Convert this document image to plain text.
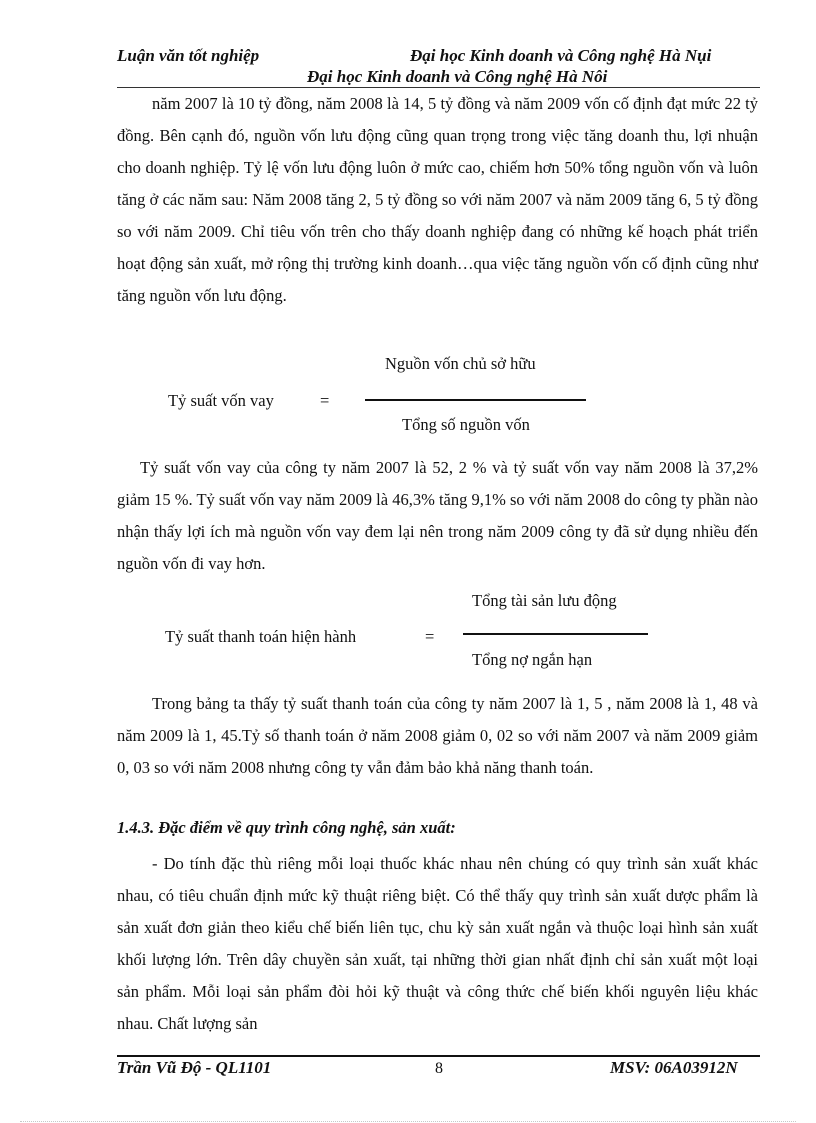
Luận văn tốt nghiệp	Đại học Kinh doanh và Công nghệ Hà Nụi
Đại học Kinh doanh và Công nghệ Hà Nôi
năm 2007 là 10 tỷ đồng, năm 2008 là 14, 5 tỷ đồng và năm 2009 vốn cố định đạt mức 22 tỷ đồng. Bên cạnh đó, nguồn vốn lưu động cũng quan trọng trong việc tăng doanh thu, lợi nhuận cho doanh nghiệp. Tỷ lệ vốn lưu động luôn ở mức cao, chiếm hơn 50% tổng nguồn vốn và luôn tăng ở các năm sau: Năm 2008 tăng 2, 5 tỷ đồng so với năm 2007 và năm 2009 tăng 6, 5 tỷ đồng so với năm 2009. Chỉ tiêu vốn trên cho thấy doanh nghiệp đang có những kế hoạch phát triển hoạt động sản xuất, mở rộng thị trường kinh doanh…qua việc tăng nguồn vốn cố định cũng như tăng nguồn vốn lưu động.
Nguồn vốn chủ sở hữu
Tỷ suất vốn vay	=
Tổng số nguồn vốn
Tỷ suất vốn vay của công ty năm 2007 là 52, 2 % và tỷ suất vốn vay năm 2008 là 37,2% giảm 15 %. Tỷ suất vốn vay năm 2009 là 46,3% tăng 9,1% so với năm 2008 do công ty phần nào nhận thấy lợi ích mà nguồn vốn vay đem lại nên trong năm 2009 công ty đã sử dụng nhiều đến nguồn vốn đi vay hơn.
Tổng tài sản lưu động
Tỷ suất thanh toán hiện hành	=
Tổng nợ ngắn hạn
Trong bảng ta thấy tỷ suất thanh toán của công ty năm 2007 là 1, 5 , năm 2008 là 1, 48 và năm 2009 là 1, 45.Tỷ số thanh toán ở năm 2008 giảm 0, 02 so với năm 2007 và năm 2009 giảm 0, 03 so với năm 2008 nhưng công ty vẫn đảm bảo khả năng thanh toán.
1.4.3. Đặc điểm về quy trình công nghệ, sản xuất:
- Do tính đặc thù riêng mỗi loại thuốc khác nhau nên chúng có quy trình sản xuất khác nhau, có tiêu chuẩn định mức kỹ thuật riêng biệt. Có thể thấy quy trình sản xuất dược phẩm là sản xuất đơn giản theo kiểu chế biến liên tục, chu kỳ sản xuất ngắn và thuộc loại hình sản xuất khối lượng lớn. Trên dây chuyền sản xuất, tại những thời gian nhất định chỉ sản xuất một loại sản phẩm. Mỗi loại sản phẩm đòi hỏi kỹ thuật và công thức chế biến khối nguyên liệu khác nhau. Chất lượng sản
Trần Vũ Độ - QL1101	8	MSV: 06A03912N
